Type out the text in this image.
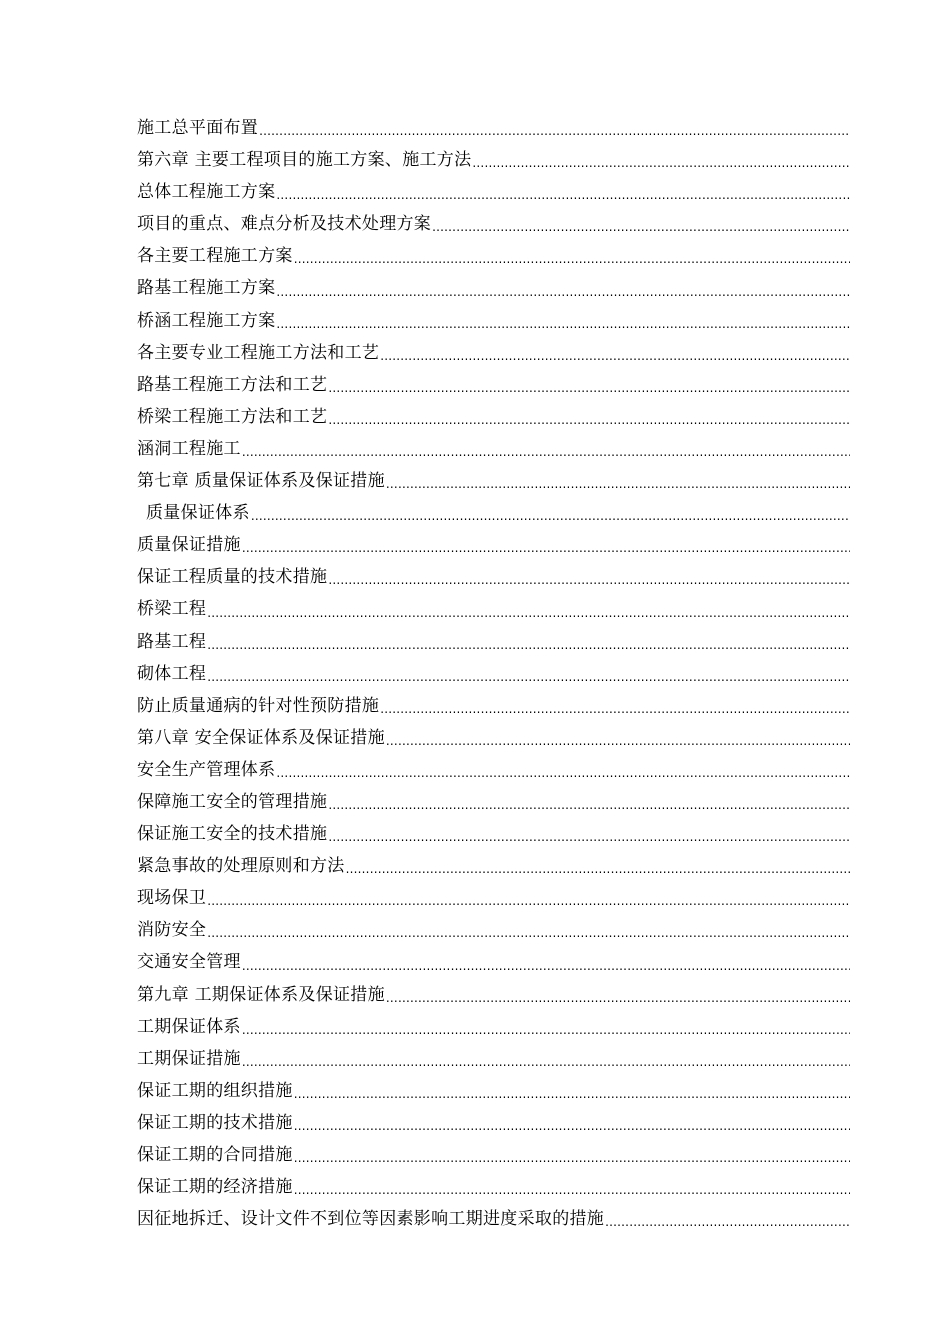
施工总平面布置
.....
第六章 主要工程项目的施工方案、施工方法
.....
总体工程施工方案
.....
项目的重点、难点分析及技术处理方案
.....
各主要工程施工方案
.....
路基工程施工方案
.....
桥涵工程施工方案
.....
各主要专业工程施工方法和工艺
.....
路基工程施工方法和工艺
.....
桥梁工程施工方法和工艺
.....
涵洞工程施工
.....
第七章 质量保证体系及保证措施
.....
质量保证体系
.....
质量保证措施
.....
保证工程质量的技术措施
.....
桥梁工程
.....
路基工程
.....
砌体工程
.....
防止质量通病的针对性预防措施
.....
第八章 安全保证体系及保证措施
.....
安全生产管理体系
.....
保障施工安全的管理措施
.....
保证施工安全的技术措施
.....
紧急事故的处理原则和方法
.....
现场保卫
.....
消防安全
.....
交通安全管理
.....
第九章 工期保证体系及保证措施
.....
工期保证体系
.....
工期保证措施
.....
保证工期的组织措施
.....
保证工期的技术措施
.....
保证工期的合同措施
.....
保证工期的经济措施
.....
因征地拆迁、设计文件不到位等因素影响工期进度采取的措施
.....
